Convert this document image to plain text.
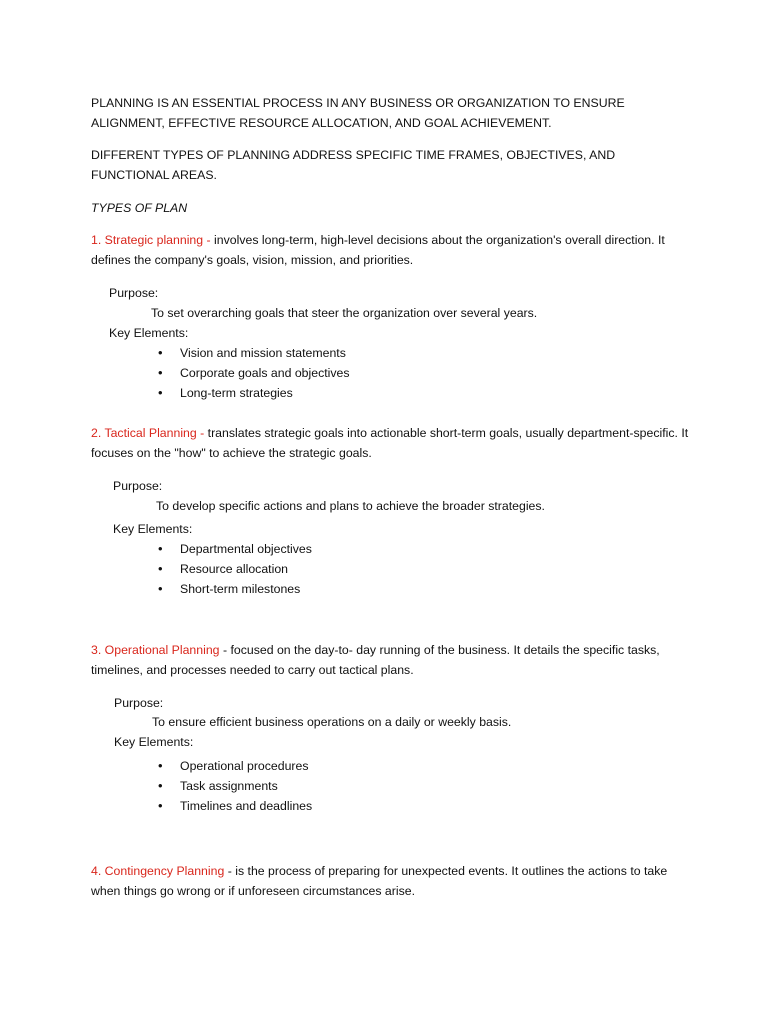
PLANNING IS AN ESSENTIAL PROCESS IN ANY BUSINESS OR ORGANIZATION TO ENSURE ALIGNMENT, EFFECTIVE RESOURCE ALLOCATION, AND GOAL ACHIEVEMENT.

DIFFERENT TYPES OF PLANNING ADDRESS SPECIFIC TIME FRAMES, OBJECTIVES, AND FUNCTIONAL AREAS.

TYPES OF PLAN

1. Strategic planning - involves long-term, high-level decisions about the organization's overall direction. It defines the company's goals, vision, mission, and priorities.

Purpose:
To set overarching goals that steer the organization over several years.
Key Elements:
• Vision and mission statements
• Corporate goals and objectives
• Long-term strategies

2. Tactical Planning - translates strategic goals into actionable short-term goals, usually department-specific. It focuses on the "how" to achieve the strategic goals.

Purpose:
To develop specific actions and plans to achieve the broader strategies.
Key Elements:
• Departmental objectives
• Resource allocation
• Short-term milestones

3. Operational Planning - focused on the day-to- day running of the business. It details the specific tasks, timelines, and processes needed to carry out tactical plans.

Purpose:
To ensure efficient business operations on a daily or weekly basis.
Key Elements:
• Operational procedures
• Task assignments
• Timelines and deadlines

4. Contingency Planning - is the process of preparing for unexpected events. It outlines the actions to take when things go wrong or if unforeseen circumstances arise.
